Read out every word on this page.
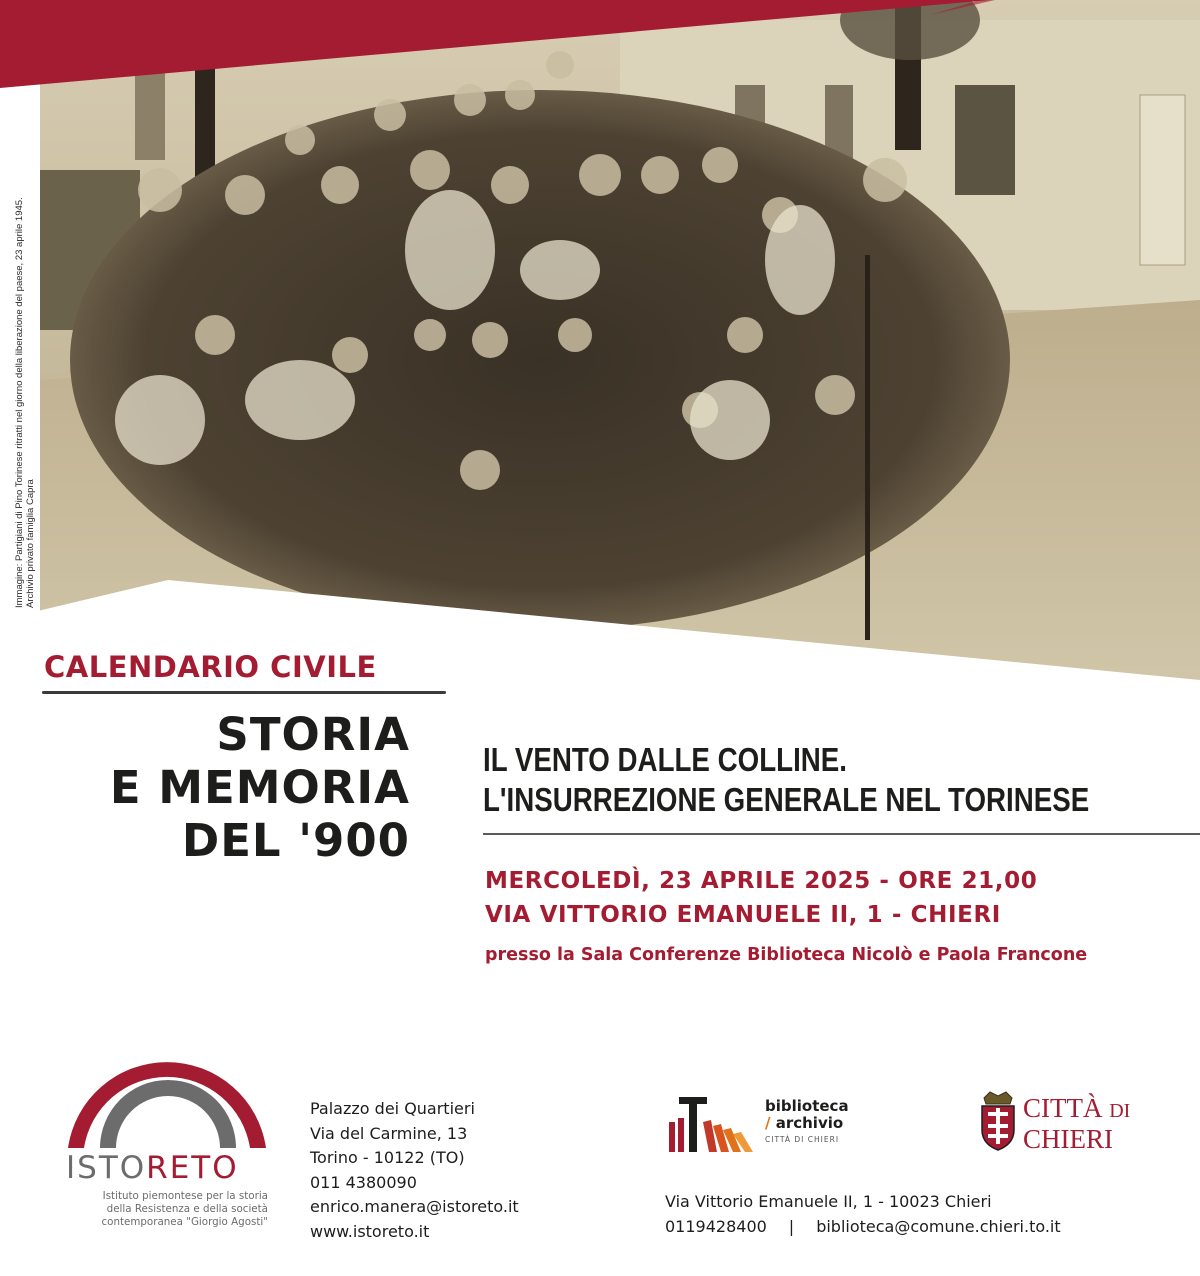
Immagine: Partigiani di Pino Torinese ritratti nel giorno della liberazione del paese, 23 aprile 1945. Archivio privato famiglia Capra
CALENDARIO CIVILE
STORIA
E MEMORIA
DEL '900
IL VENTO DALLE COLLINE.
L'INSURREZIONE GENERALE NEL TORINESE
MERCOLEDÌ, 23 APRILE 2025 - ORE 21,00
VIA VITTORIO EMANUELE II, 1 - CHIERI
presso la Sala Conferenze Biblioteca Nicolò e Paola Francone
ISTORETO
Istituto piemontese per la storia
della Resistenza e della società
contemporanea "Giorgio Agosti"
Palazzo dei Quartieri
Via del Carmine, 13
Torino - 10122 (TO)
011 4380090
enrico.manera@istoreto.it
www.istoreto.it
biblioteca
/ archivio
CITTÀ DI CHIERI
CITTÀ DI
CHIERI
Via Vittorio Emanuele II, 1 - 10023 Chieri
0119428400 | biblioteca@comune.chieri.to.it
